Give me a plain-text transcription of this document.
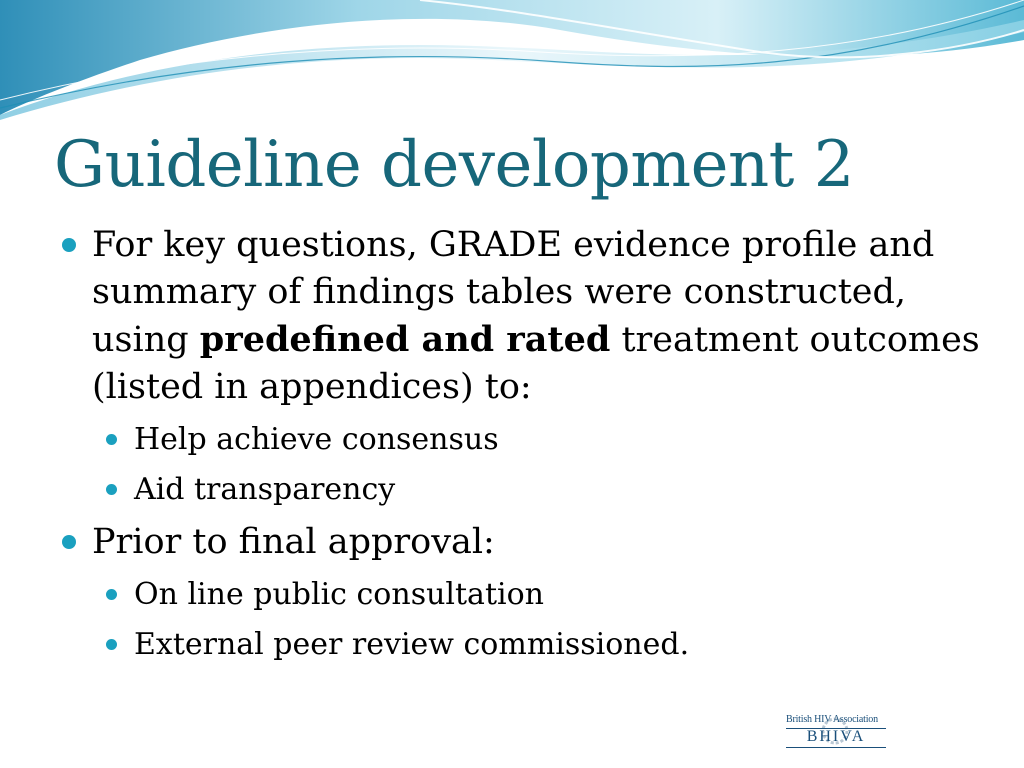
Guideline development 2

For key questions, GRADE evidence profile and summary of findings tables were constructed, using predefined and rated treatment outcomes (listed in appendices) to:

Help achieve consensus

Aid transparency

Prior to final approval:

On line public consultation

External peer review commissioned.

British HIV Association
BHIVA
